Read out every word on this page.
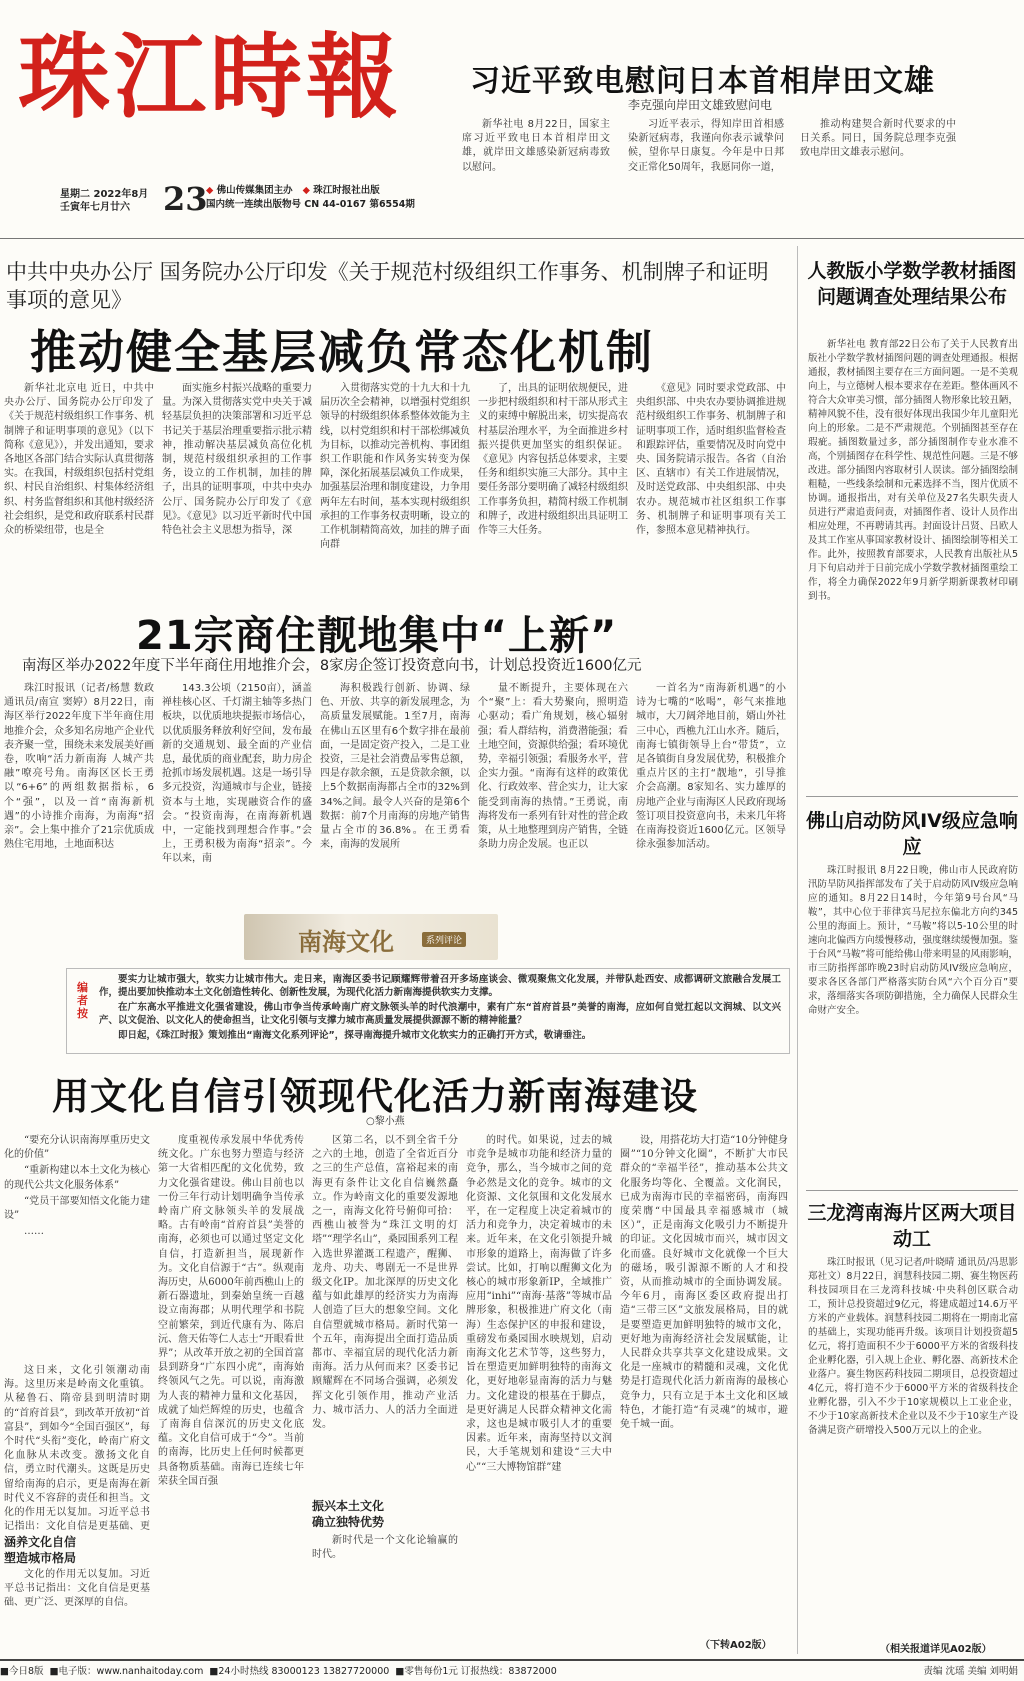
珠江時報
星期二 2022年8月
壬寅年七月廿六	23
◆ 佛山传媒集团主办 ◆ 珠江时报社出版
国内统一连续出版物号 CN 44-0167 第6554期
习近平致电慰问日本首相岸田文雄
李克强向岸田文雄致慰问电

新华社电 8月22日，国家主席习近平致电日本首相岸田文雄，就岸田文雄感染新冠病毒致以慰问。

习近平表示，得知岸田首相感染新冠病毒，我谨向你表示诚挚问候，望你早日康复。今年是中日邦交正常化50周年，我愿同你一道，

推动构建契合新时代要求的中日关系。同日，国务院总理李克强致电岸田文雄表示慰问。

中共中央办公厅 国务院办公厅印发《关于规范村级组织工作事务、机制牌子和证明事项的意见》
推动健全基层减负常态化机制

新华社北京电 近日，中共中央办公厅、国务院办公厅印发了《关于规范村级组织工作事务、机制牌子和证明事项的意见》（以下简称《意见》），并发出通知，要求各地区各部门结合实际认真贯彻落实。在我国，村级组织包括村党组织、村民自治组织、村集体经济组织、村务监督组织和其他村级经济社会组织，是党和政府联系村民群众的桥梁纽带，也是全

面实施乡村振兴战略的重要力量。为深入贯彻落实党中央关于减轻基层负担的决策部署和习近平总书记关于基层治理重要指示批示精神，推动解决基层减负高位化机制，规范村级组织承担的工作事务，设立的工作机制，加挂的牌子，出具的证明事项，中共中央办公厅、国务院办公厅印发了《意见》。《意见》以习近平新时代中国特色社会主义思想为指导，深

入贯彻落实党的十九大和十九届历次全会精神，以增强村党组织领导的村级组织体系整体效能为主线，以村党组织和村干部松绑减负为目标，以推动完善机构、事团组织工作职能和作风务实转变为保障，深化拓展基层减负工作成果，加强基层治理和制度建设，力争用两年左右时间，基本实现村级组织承担的工作事务权责明晰，设立的工作机制精简高效，加挂的牌子面向群

了，出具的证明依规便民，进一步把村级组织和村干部从形式主义的束缚中解脱出来，切实提高农村基层治理水平，为全面推进乡村振兴提供更加坚实的组织保证。《意见》内容包括总体要求，主要任务和组织实施三大部分。其中主要任务部分要明确了减轻村级组织工作事务负担，精简村级工作机制和牌子，改进村级组织出具证明工作等三大任务。

《意见》同时要求党政部、中央组织部、中央农办要协调推进规范村级组织工作事务、机制牌子和证明事项工作，适时组织监督检查和跟踪评估，重要情况及时向党中央、国务院请示报告。各省（自治区、直辖市）有关工作进展情况，及时送党政部、中央组织部、中央农办。规范城市社区组织工作事务、机制牌子和证明事项有关工作，参照本意见精神执行。

21宗商住靓地集中“上新”
南海区举办2022年度下半年商住用地推介会，8家房企签订投资意向书，计划总投资近1600亿元

珠江时报讯（记者/杨慧 数政 通讯员/南宣 窦婷）8月22日，南海区举行2022年度下半年商住用地推介会，众多知名房地产企业代表齐聚一堂，围绕未来发展美好画卷，吹响“活力新南海 人城产共融”嘹亮号角。南海区区长王勇以“6+6”的两组数据指标，6个“强”，以及一首“南海新机遇”的小诗推介南海，为南海“招亲”。会上集中推介了21宗优质成熟住宅用地，土地面积达

143.3公顷（2150亩），涵盖禅桂核心区、千灯湖主轴等多热门板块，以优质地块提振市场信心，以优质服务释放利好空间，发布最新的交通规划、最全面的产业信息，最优质的商业配套，助力房企抢抓市场发展机遇。这是一场引导多元投资，沟通城市与企业，链接资本与土地，实现融资合作的盛会。“投资南海，在南海新机遇中，一定能找到理想合作事。”会上，王勇积极为南海“招亲”。今年以来，南

海积极践行创新、协调、绿色、开放、共享的新发展理念，为高质量发展赋能。1至7月，南海在佛山五区里有6个数字排在最前面，一是固定资产投入，二是工业投资，三是社会消费品零售总额，四是存款余额，五是贷款余额，以上5个数据南海都占全市的32%到34%之间。最令人兴奋的是第6个数据：前7个月南海的房地产销售量占全市的36.8%。在王勇看来，南海的发展所

量不断提升，主要体现在六个“聚”上：看大势聚向，照明造心驱动；看广角规划，核心辐射强；看人群结构，消费潜能强；看土地空间，资源供给强；看环境优势，幸福引领强；看服务水平，营企实力强。“南海有这样的政策优化、行政效率、营企实力，让大家能受到南海的热情。”王勇说，南海将发布一系列有针对性的营企政策，从土地整理到房产销售，全链条助力房企发展。也正以

一首名为“南海新机遇”的小诗为七嘴的“吆喝”，彰气来推地城市，大刀阔斧地目前，婿山外社三中心，西樵九江山水齐。随后，南海七镇街领导上台“带货”，立足各镇街自身发展优势，积极推介重点片区的主打“靓地”，引导推介会高潮。8家知名、实力雄厚的房地产企业与南海区人民政府现场签订项目投资意向书，未来几年将在南海投资近1600亿元。区领导徐永强参加活动。

南海文化	系列评论
编者按

要实力让城市强大，软实力让城市伟大。走日来，南海区委书记顾耀辉带着召开多场座谈会、微观聚焦文化发展，并带队赴西安、成都调研文旅融合发展工作，提出要加快推动本土文化创造性转化、创新性发展，为现代化活力新南海提供软实力支撑。

在广东高水平推进文化强省建设，佛山市争当传承岭南广府文脉领头羊的时代浪潮中，素有广东“首府首县”美誉的南海，应如何自觉扛起以文润城、以文兴产、以文促治、以文化人的使命担当，让文化引领与支撑力城市高质量发展提供源源不断的精神能量？

即日起，《珠江时报》策划推出“南海文化系列评论”，探寻南海提升城市文化软实力的正确打开方式，敬请垂注。

用文化自信引领现代化活力新南海建设
○黎小燕

“要充分认识南海厚重历史文化的价值”

“重新构建以本土文化为核心的现代公共文化服务体系”

“党员干部要知悟文化能力建设”

……

这日来，文化引领潮动南海。这里历来是岭南文化重镇。从秘鲁石、隋帝县到明清时期的“首府首县”，到改革开放初“首富县”，到如今“全国百强区”，每个时代“头衔”变化，岭南广府文化血脉从未改变。激扬文化自信，勇立时代潮头。这既是历史留给南海的启示，更是南海在新时代义不容辞的责任和担当。文化的作用无以复加。习近平总书记指出：文化自信是更基础、更

涵养文化自信
塑造城市格局

文化的作用无以复加。习近平总书记指出：文化自信是更基础、更广泛、更深厚的自信。

度重视传承发展中华优秀传统文化。广东也努力塑造与经济第一大省相匹配的文化优势，致力文化强省建设。佛山目前也以一份三年行动计划明确争当传承岭南广府文脉领头羊的发展战略。古有岭南“首府首县”美誉的南海，必须也可以通过坚定文化自信，打造新担当，展现新作为。文化自信源于“古”。纵观南海历史，从6000年前西樵山上的新石器遗址，到秦始皇统一百越设立南海郡；从明代理学和书院空前繁荣，到近代康有为、陈启沅、詹天佑等仁人志士“开眼看世界”；从改革开放之初的全国首富县到跻身“广东四小虎”，南海始终领风气之先。可以说，南海激为人丧的精神力量和文化基因，成就了灿烂辉煌的历史，也蕴含了南海自信深沉的历史文化底蕴。文化自信可成于“今”。当前的南海，比历史上任何时候都更具备物质基础。南海已连续七年荣获全国百强

区第二名，以不到全省千分之六的土地，创造了全省近百分之三的生产总值，富裕起来的南海更有条件让文化自信巍然矗立。作为岭南文化的重要发源地之一，南海文化符号俯仰可拾：西樵山被誉为“珠江文明的灯塔”“理学名山”，桑园围系列工程入选世界灌溉工程遗产，醒狮、龙舟、功夫、粤剧无一不是世界级文化IP。加北深厚的历史文化蕴与如此雄厚的经济实力为南海人创造了巨大的想象空间。文化自信塑就城市格局。新时代第一个五年，南海提出全面打造品质都市、幸福宜居的现代化活力新南海。活力从何而来？区委书记顾耀辉在不同场合强调，必须发挥文化引领作用，推动产业活力、城市活力、人的活力全面迸发。

振兴本土文化
确立独特优势

新时代是一个文化论输赢的时代。

的时代。如果说，过去的城市竞争是城市功能和经济力量的竞争，那么，当今城市之间的竞争必然是文化的竞争。城市的文化资源、文化氛围和文化发展水平，在一定程度上决定着城市的活力和竞争力，决定着城市的未来。近年来，在文化引领提升城市形象的道路上，南海做了许多尝试。比如，打响以醒狮文化为核心的城市形象新IP，全域推广应用“inhi”“南海·基落”等城市品牌形象，积极推进广府文化（南海）生态保护区的申报和建设，重磅发布桑园围水映规划，启动南海文化艺术节等，这些努力，旨在塑造更加鲜明独特的南海文化，更好地彰显南海的活力与魅力。文化建设的根基在于脚点，是更好满足人民群众精神文化需求，这也是城市吸引人才的重要因素。近年来，南海坚持以文润民，大手笔规划和建设“三大中心”“三大博物馆群”建

设，用搭花坊大打造“10分钟健身圈”“10分钟文化圈”，不断扩大市民群众的“幸福半径”，推动基本公共文化服务均等化、全覆盖。文化润民，已成为南海市民的幸福密码，南海四度荣膺“中国最具幸福感城市（城区）”，正是南海文化吸引力不断提升的印证。文化因城市而兴，城市因文化而盛。良好城市文化就像一个巨大的磁场，吸引源源不断的人才和投资，从而推动城市的全面协调发展。今年6月，南海区委区政府提出打造“三带三区”文旅发展格局，目的就是要塑造更加鲜明独特的城市文化，更好地为南海经济社会发展赋能，让人民群众共享共享文化建设成果。文化是一座城市的精髓和灵魂，文化优势是打造现代化活力新南海的最核心竞争力，只有立足于本土文化和区域特色，才能打造“有灵魂”的城市，避免千城一面。

（下转A02版）
人教版小学数学教材插图问题调查处理结果公布

新华社电 教育部22日公布了关于人民教育出版社小学数学教材插图问题的调查处理通报。根据通报，教材插图主要存在三方面问题。一是不美观向上，与立德树人根本要求存在差距。整体画风不符合大众审美习惯，部分插图人物形象比较丑陋，精神风貌不佳，没有很好体现出我国少年儿童阳光向上的形象。二是不严肃规范。个别插图甚至存在瑕疵。插图数量过多，部分插图制作专业水准不高，个别插图存在科学性、规范性问题。三是不够改进。部分插图内容取材引人误读。部分插图绘制粗糙，一些线条绘制和元素选择不当，图片优质不协调。通报指出，对有关单位及27名失职失责人员进行严肃追责问责，对插图作者、设计人员作出相应处理，不再聘请其再。封面设计吕贤、吕欧人及其工作室从事国家教材设计、插图绘制等相关工作。此外，按照教育部要求，人民教育出版社从5月下旬启动并于日前完成小学数学教材插图重绘工作，将全力确保2022年9月新学期新课教材印刷到书。

佛山启动防风IV级应急响应

珠江时报讯 8月22日晚，佛山市人民政府防汛防旱防风指挥部发布了关于启动防风IV级应急响应的通知。8月22日14时，今年第9号台风“马鞍”，其中心位于菲律宾马尼拉东偏北方向约345公里的海面上。预计，“马鞍”将以5-10公里的时速向北偏西方向缓慢移动，强度继续缓慢加强。鉴于台风“马鞍”将可能给佛山带来明显的风雨影响，市三防指挥部昨晚23时启动防风IV级应急响应，要求各区各部门严格落实防台风“六个百分百”要求，落细落实各项防御措施，全力确保人民群众生命财产安全。

三龙湾南海片区两大项目动工

珠江时报讯（见习记者/叶晓晴 通讯员/冯思影 郑社文）8月22日，润慧科技园二期、赛生物医药科技园项目在三龙湾科技城·中央科创区联合动工，预计总投资超过9亿元，将建成超过14.6万平方米的产业载体。润慧科技园二期将在一期南北富的基础上，实现功能再升级。该项目计划投资超5亿元，将打造面积不少于6000平方米的省级科技企业孵化器，引入规上企业、孵化器、高新技术企业落户。赛生物医药科技园二期项目，总投资超过4亿元，将打造不少于6000平方米的省级科技企业孵化器，引入不少于10家规模以上工业企业，不少于10家高新技术企业以及不少于10家生产设备满足资产研增投入500万元以上的企业。

（相关报道详见A02版）
■今日8版 ■电子版：www.nanhaitoday.com ■24小时热线 83000123 13827720000 ■零售每份1元 订报热线：83872000	责编 沈瑶 美编 刘明娟
